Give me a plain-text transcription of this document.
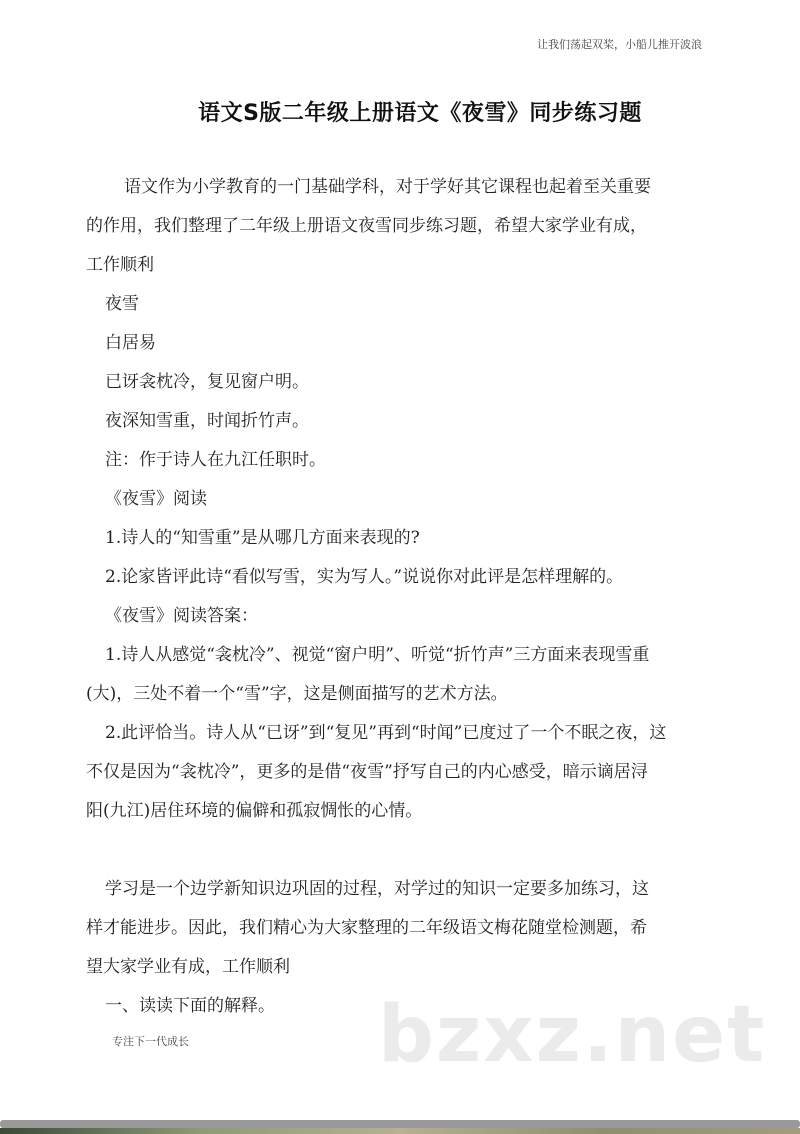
让我们荡起双桨，小船儿推开波浪
语文S版二年级上册语文《夜雪》同步练习题
语文作为小学教育的一门基础学科，对于学好其它课程也起着至关重要
的作用，我们整理了二年级上册语文夜雪同步练习题，希望大家学业有成，
工作顺利
夜雪
白居易
已讶衾枕冷，复见窗户明。
夜深知雪重，时闻折竹声。
注：作于诗人在九江任职时。
《夜雪》阅读
1.诗人的“知雪重”是从哪几方面来表现的?
2.论家皆评此诗“看似写雪，实为写人。”说说你对此评是怎样理解的。
《夜雪》阅读答案：
1.诗人从感觉“衾枕冷”、视觉“窗户明”、听觉“折竹声”三方面来表现雪重
(大)，三处不着一个“雪”字，这是侧面描写的艺术方法。
2.此评恰当。诗人从“已讶”到“复见”再到“时闻”已度过了一个不眠之夜，这
不仅是因为“衾枕冷”，更多的是借“夜雪”抒写自己的内心感受，暗示谪居浔
阳(九江)居住环境的偏僻和孤寂惆怅的心情。
学习是一个边学新知识边巩固的过程，对学过的知识一定要多加练习，这
样才能进步。因此，我们精心为大家整理的二年级语文梅花随堂检测题，希
望大家学业有成，工作顺利
一、读读下面的解释。 bzxz.net
专注下一代成长
